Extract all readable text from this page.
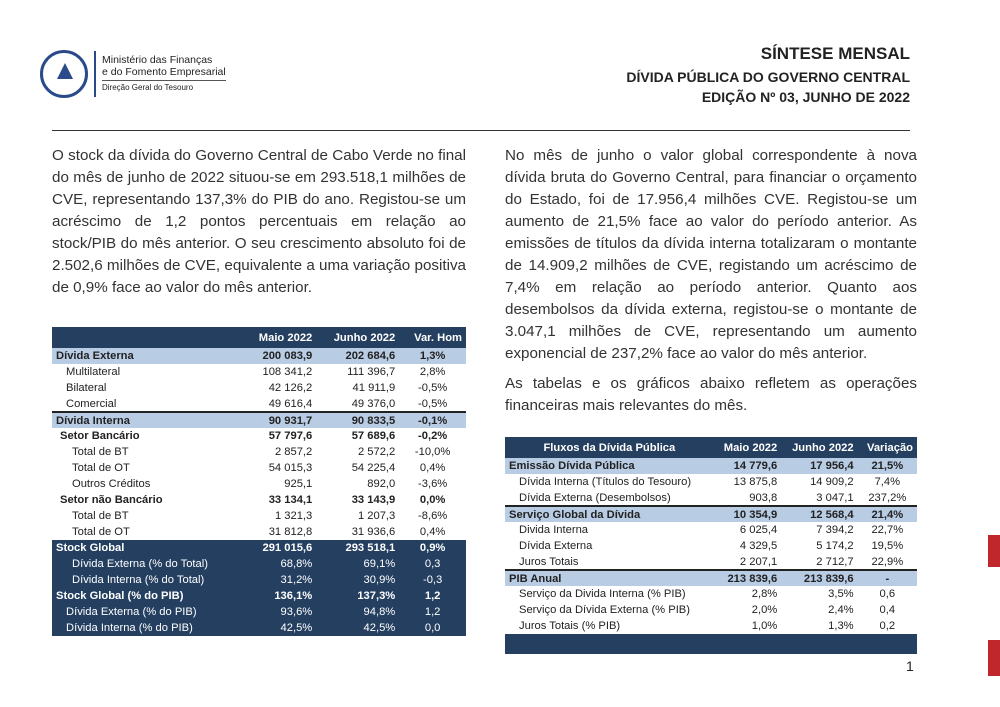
Ministério das Finanças
e do Fomento Empresarial
Direção Geral do Tesouro
SÍNTESE MENSAL
DÍVIDA PÚBLICA DO GOVERNO CENTRAL
EDIÇÃO Nº 03, JUNHO DE 2022
O stock da dívida do Governo Central de Cabo Verde no final do mês de junho de 2022 situou-se em 293.518,1 milhões de CVE, representando 137,3% do PIB do ano. Registou-se um acréscimo de 1,2 pontos percentuais em relação ao stock/PIB do mês anterior. O seu crescimento absoluto foi de 2.502,6 milhões de CVE, equivalente a uma variação positiva de 0,9% face ao valor do mês anterior.
No mês de junho o valor global correspondente à nova dívida bruta do Governo Central, para financiar o orçamento do Estado, foi de 17.956,4 milhões CVE. Registou-se um aumento de 21,5% face ao valor do período anterior. As emissões de títulos da dívida interna totalizaram o montante de 14.909,2 milhões de CVE, registando um acréscimo de 7,4% em relação ao período anterior. Quanto aos desembolsos da dívida externa, registou-se o montante de 3.047,1 milhões de CVE, representando um aumento exponencial de 237,2% face ao valor do mês anterior.
As tabelas e os gráficos abaixo refletem as operações financeiras mais relevantes do mês.
	Maio 2022	Junho 2022	Var. Hom
Dívida Externa	200 083,9	202 684,6	1,3%
Multilateral	108 341,2	111 396,7	2,8%
Bilateral	42 126,2	41 911,9	-0,5%
Comercial	49 616,4	49 376,0	-0,5%
Dívida Interna	90 931,7	90 833,5	-0,1%
Setor Bancário	57 797,6	57 689,6	-0,2%
Total de BT	2 857,2	2 572,2	-10,0%
Total de OT	54 015,3	54 225,4	0,4%
Outros Créditos	925,1	892,0	-3,6%
Setor não Bancário	33 134,1	33 143,9	0,0%
Total de BT	1 321,3	1 207,3	-8,6%
Total de OT	31 812,8	31 936,6	0,4%
Stock Global	291 015,6	293 518,1	0,9%
Dívida Externa (% do Total)	68,8%	69,1%	0,3
Dívida Interna (% do Total)	31,2%	30,9%	-0,3
Stock Global (% do PIB)	136,1%	137,3%	1,2
Dívida Externa (% do PIB)	93,6%	94,8%	1,2
Dívida Interna (% do PIB)	42,5%	42,5%	0,0
Fluxos da Dívida Pública	Maio 2022	Junho 2022	Variação
Emissão Dívida Pública	14 779,6	17 956,4	21,5%
Dívida Interna (Títulos do Tesouro)	13 875,8	14 909,2	7,4%
Dívida Externa (Desembolsos)	903,8	3 047,1	237,2%
Serviço Global da Dívida	10 354,9	12 568,4	21,4%
Divida Interna	6 025,4	7 394,2	22,7%
Dívida Externa	4 329,5	5 174,2	19,5%
Juros Totais	2 207,1	2 712,7	22,9%
PIB Anual	213 839,6	213 839,6	-
Serviço da Divida Interna (% PIB)	2,8%	3,5%	0,6
Serviço da Dívida Externa (% PIB)	2,0%	2,4%	0,4
Juros Totais (% PIB)	1,0%	1,3%	0,2

1
